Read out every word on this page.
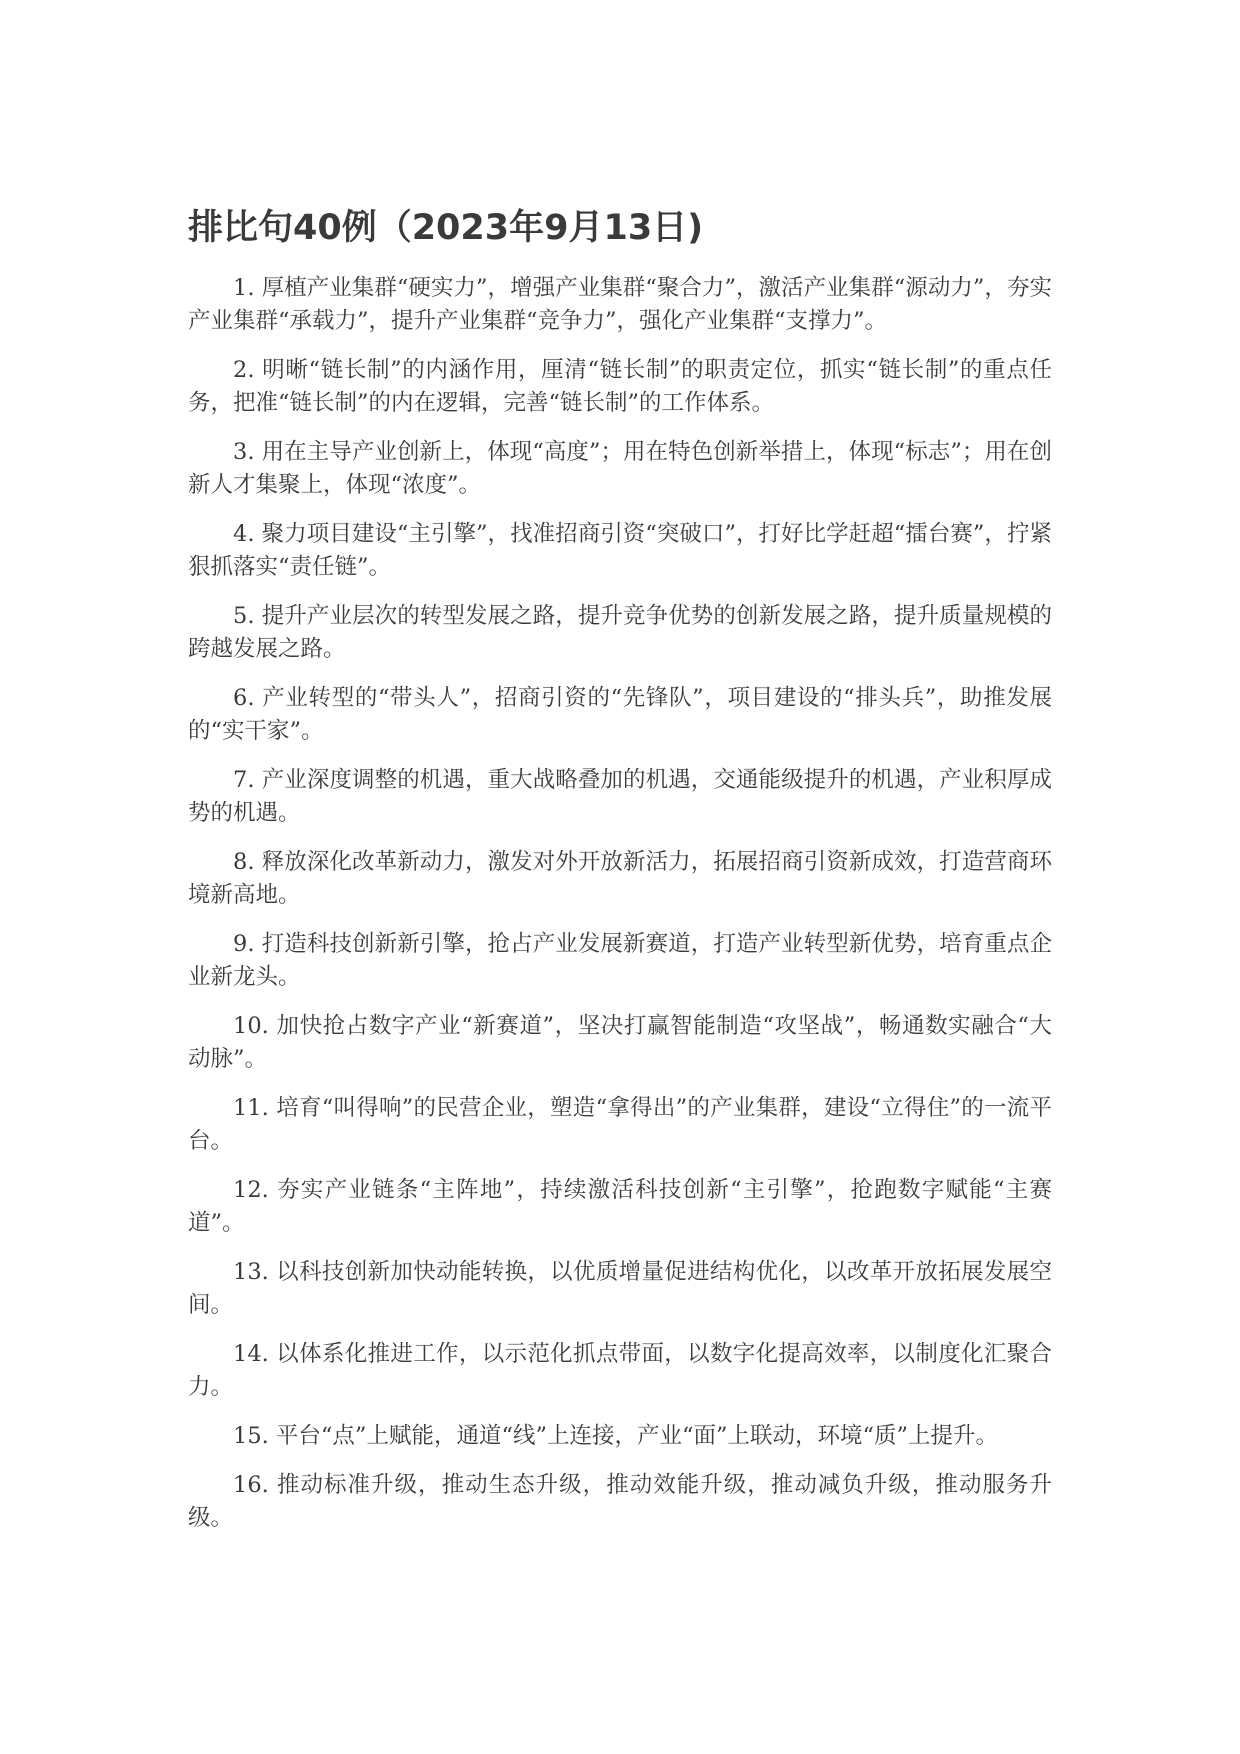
排比句40例（2023年9月13日)

1. 厚植产业集群“硬实力”，增强产业集群“聚合力”，激活产业集群“源动力”，夯实产业集群“承载力”，提升产业集群“竞争力”，强化产业集群“支撑力”。

2. 明晰“链长制”的内涵作用，厘清“链长制”的职责定位，抓实“链长制”的重点任务，把准“链长制”的内在逻辑，完善“链长制”的工作体系。

3. 用在主导产业创新上，体现“高度”；用在特色创新举措上，体现“标志”；用在创新人才集聚上，体现“浓度”。

4. 聚力项目建设“主引擎”，找准招商引资“突破口”，打好比学赶超“擂台赛”，拧紧狠抓落实“责任链”。

5. 提升产业层次的转型发展之路，提升竞争优势的创新发展之路，提升质量规模的跨越发展之路。

6. 产业转型的“带头人”，招商引资的“先锋队”，项目建设的“排头兵”，助推发展的“实干家”。

7. 产业深度调整的机遇，重大战略叠加的机遇，交通能级提升的机遇，产业积厚成势的机遇。

8. 释放深化改革新动力，激发对外开放新活力，拓展招商引资新成效，打造营商环境新高地。

9. 打造科技创新新引擎，抢占产业发展新赛道，打造产业转型新优势，培育重点企业新龙头。

10. 加快抢占数字产业“新赛道”，坚决打赢智能制造“攻坚战”，畅通数实融合“大动脉”。

11. 培育“叫得响”的民营企业，塑造“拿得出”的产业集群，建设“立得住”的一流平台。

12. 夯实产业链条“主阵地”，持续激活科技创新“主引擎”，抢跑数字赋能“主赛道”。

13. 以科技创新加快动能转换，以优质增量促进结构优化，以改革开放拓展发展空间。

14. 以体系化推进工作，以示范化抓点带面，以数字化提高效率，以制度化汇聚合力。

15. 平台“点”上赋能，通道“线”上连接，产业“面”上联动，环境“质”上提升。

16. 推动标准升级，推动生态升级，推动效能升级，推动减负升级，推动服务升级。
